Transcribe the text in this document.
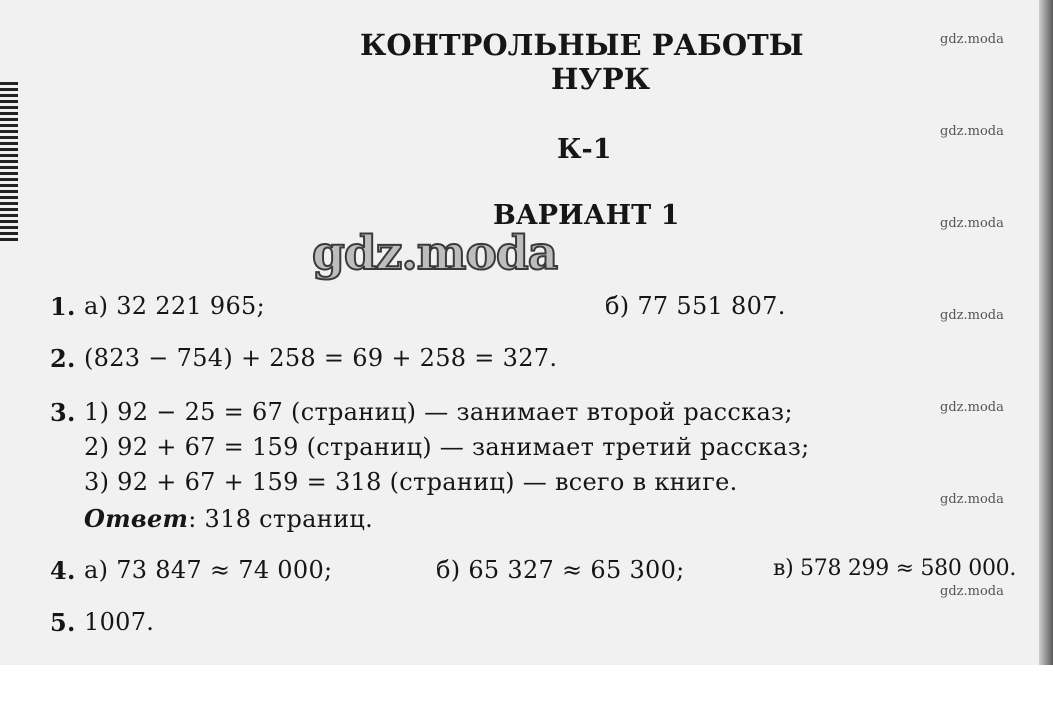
КОНТРОЛЬНЫЕ РАБОТЫ
НУРК
К-1
ВАРИАНТ 1
gdz.moda
gdz.moda
gdz.moda
gdz.moda
gdz.moda
gdz.moda
gdz.moda
gdz.moda
1. а) 32 221 965;	б) 77 551 807.
2. (823 − 754) + 258 = 69 + 258 = 327.
3. 1) 92 − 25 = 67 (страниц) — занимает второй рассказ;
2) 92 + 67 = 159 (страниц) — занимает третий рассказ;
3) 92 + 67 + 159 = 318 (страниц) — всего в книге.
Ответ: 318 страниц.
4. а) 73 847 ≈ 74 000;	б) 65 327 ≈ 65 300;	в) 578 299 ≈ 580 000.
5. 1007.
